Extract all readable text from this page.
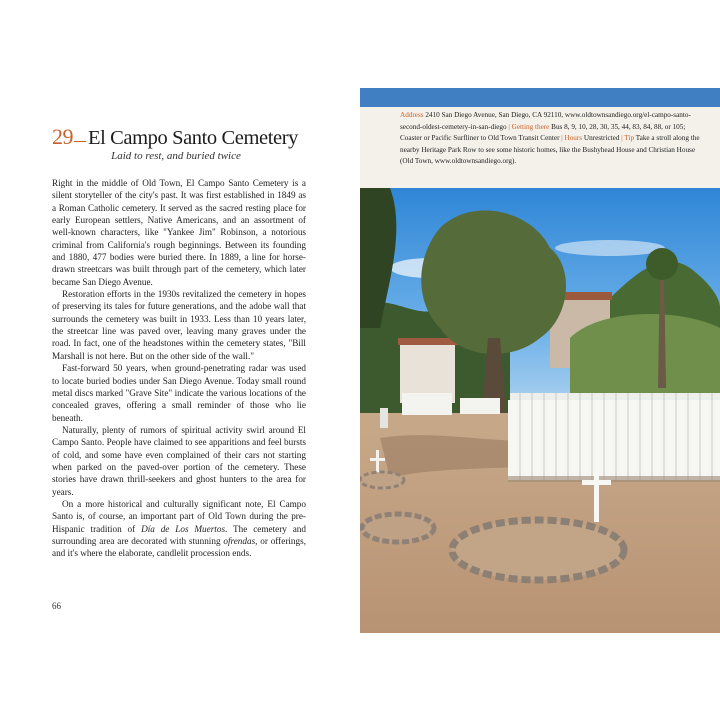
29 El Campo Santo Cemetery
Laid to rest, and buried twice

Right in the middle of Old Town, El Campo Santo Cemetery is a silent storyteller of the city's past. It was first established in 1849 as a Roman Catholic cemetery. It served as the sacred resting place for early European settlers, Native Americans, and an assortment of well-known characters, like "Yankee Jim" Robinson, a notorious criminal from California's rough beginnings. Between its founding and 1880, 477 bodies were buried there. In 1889, a line for horse-drawn streetcars was built through part of the cemetery, which later became San Diego Avenue.

Restoration efforts in the 1930s revitalized the cemetery in hopes of preserving its tales for future generations, and the adobe wall that surrounds the cemetery was built in 1933. Less than 10 years later, the streetcar line was paved over, leaving many graves under the road. In fact, one of the headstones within the cemetery states, "Bill Marshall is not here. But on the other side of the wall."

Fast-forward 50 years, when ground-penetrating radar was used to locate buried bodies under San Diego Avenue. Today small round metal discs marked "Grave Site" indicate the various locations of the concealed graves, offering a small reminder of those who lie beneath.

Naturally, plenty of rumors of spiritual activity swirl around El Campo Santo. People have claimed to see apparitions and feel bursts of cold, and some have even complained of their cars not starting when parked on the paved-over portion of the cemetery. These stories have drawn thrill-seekers and ghost hunters to the area for years.

On a more historical and culturally significant note, El Campo Santo is, of course, an important part of Old Town during the pre-Hispanic tradition of Día de Los Muertos. The cemetery and surrounding area are decorated with stunning ofrendas, or offerings, and it's where the elaborate, candlelit procession ends.

66
Address 2410 San Diego Avenue, San Diego, CA 92110, www.oldtownsandiego.org/el-campo-santo-second-oldest-cemetery-in-san-diego | Getting there Bus 8, 9, 10, 28, 30, 35, 44, 83, 84, 88, or 105; Coaster or Pacific Surfliner to Old Town Transit Center | Hours Unrestricted | Tip Take a stroll along the nearby Heritage Park Row to see some historic homes, like the Bushyhead House and Christian House (Old Town, www.oldtownsandiego.org).
